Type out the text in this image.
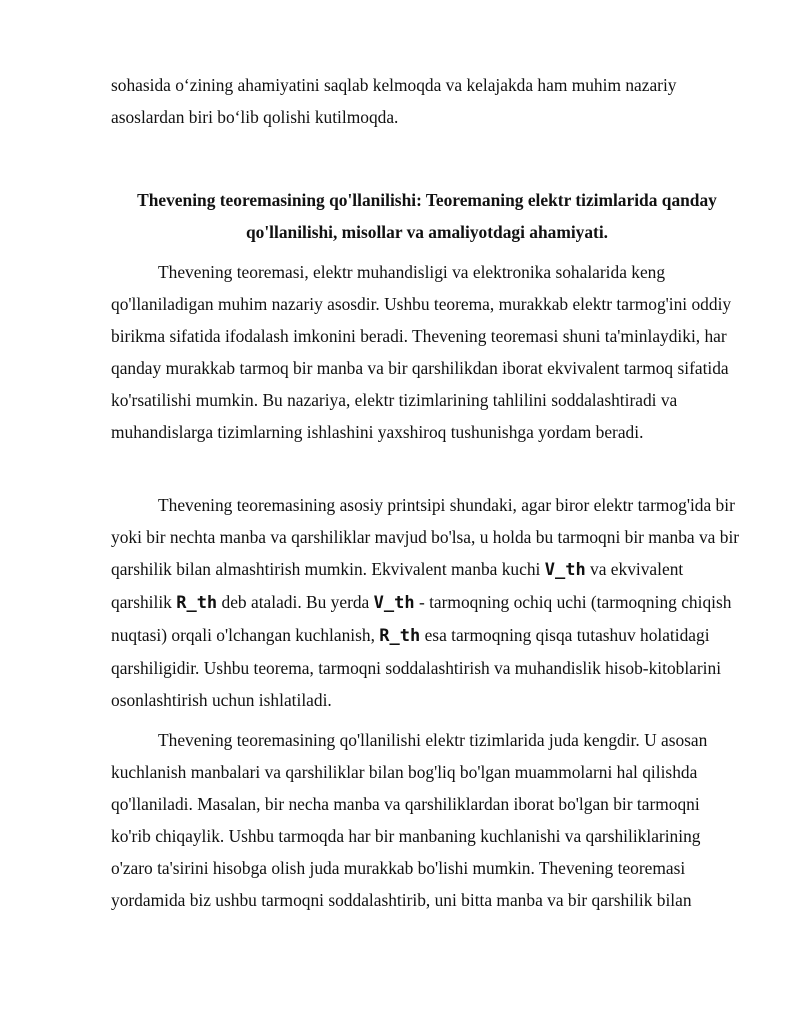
sohasida o‘zining ahamiyatini saqlab kelmoqda va kelajakda ham muhim nazariy asoslardan biri bo‘lib qolishi kutilmoqda.

Thevening teoremasining qo'llanilishi: Teoremaning elektr tizimlarida qanday qo'llanilishi, misollar va amaliyotdagi ahamiyati.

Thevening teoremasi, elektr muhandisligi va elektronika sohalarida keng qo'llaniladigan muhim nazariy asosdir. Ushbu teorema, murakkab elektr tarmog'ini oddiy birikma sifatida ifodalash imkonini beradi. Thevening teoremasi shuni ta'minlaydiki, har qanday murakkab tarmoq bir manba va bir qarshilikdan iborat ekvivalent tarmoq sifatida ko'rsatilishi mumkin. Bu nazariya, elektr tizimlarining tahlilini soddalashtiradi va muhandislarga tizimlarning ishlashini yaxshiroq tushunishga yordam beradi.

Thevening teoremasining asosiy printsipi shundaki, agar biror elektr tarmog'ida bir yoki bir nechta manba va qarshiliklar mavjud bo'lsa, u holda bu tarmoqni bir manba va bir qarshilik bilan almashtirish mumkin. Ekvivalent manba kuchi V_th va ekvivalent qarshilik R_th deb ataladi. Bu yerda V_th - tarmoqning ochiq uchi (tarmoqning chiqish nuqtasi) orqali o'lchangan kuchlanish, R_th esa tarmoqning qisqa tutashuv holatidagi qarshiligidir. Ushbu teorema, tarmoqni soddalashtirish va muhandislik hisob-kitoblarini osonlashtirish uchun ishlatiladi.

Thevening teoremasining qo'llanilishi elektr tizimlarida juda kengdir. U asosan kuchlanish manbalari va qarshiliklar bilan bog'liq bo'lgan muammolarni hal qilishda qo'llaniladi. Masalan, bir necha manba va qarshiliklardan iborat bo'lgan bir tarmoqni ko'rib chiqaylik. Ushbu tarmoqda har bir manbaning kuchlanishi va qarshiliklarining o'zaro ta'sirini hisobga olish juda murakkab bo'lishi mumkin. Thevening teoremasi yordamida biz ushbu tarmoqni soddalashtirib, uni bitta manba va bir qarshilik bilan
